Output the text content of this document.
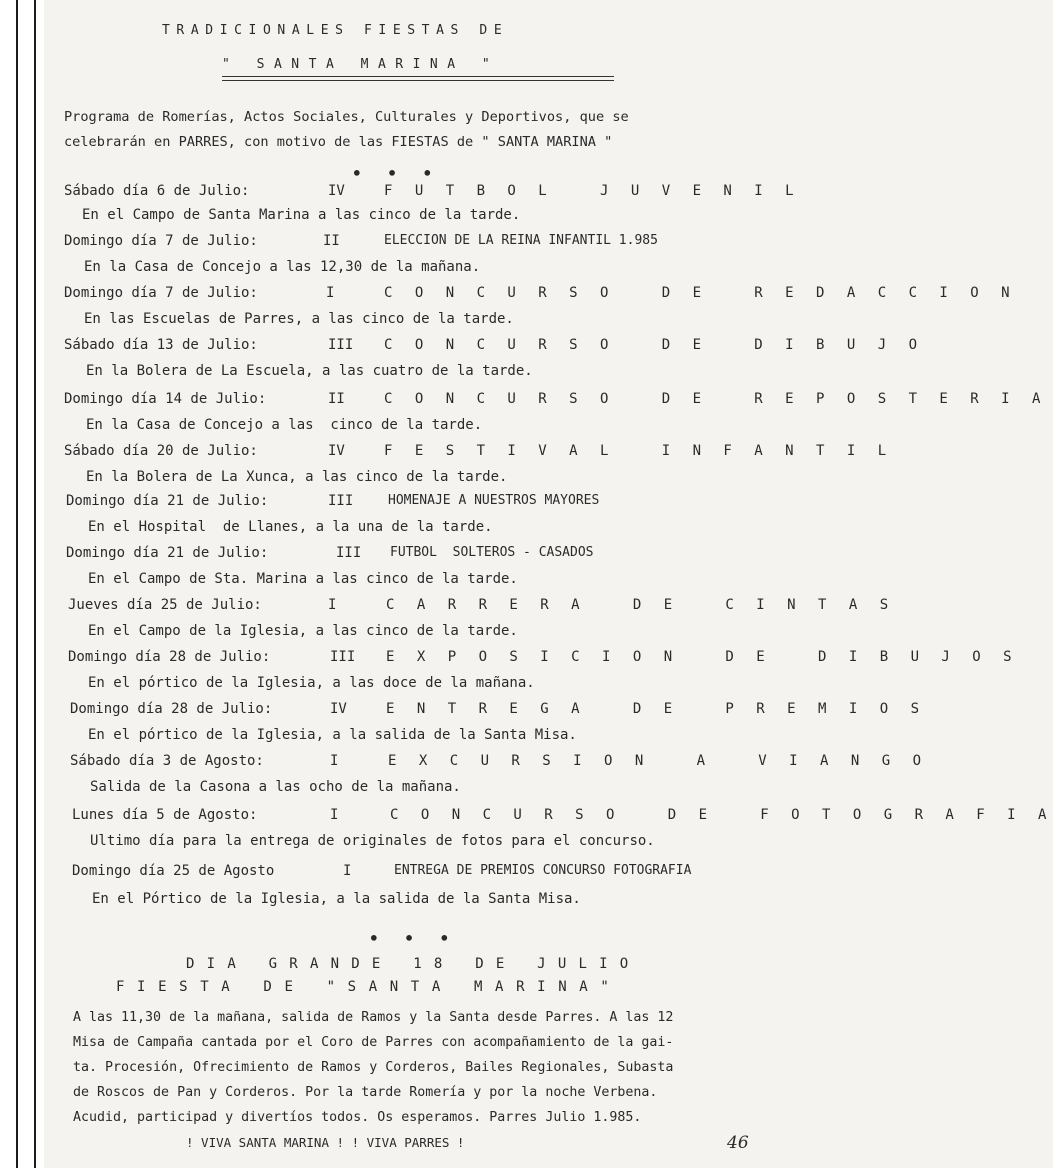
TRADICIONALES FIESTAS DE
" SANTA MARINA "
Programa de Romerías, Actos Sociales, Culturales y Deportivos, que se
celebrarán en PARRES, con motivo de las FIESTAS de " SANTA MARINA "
• • •
Sábado día 6 de Julio:	IV	F U T B O L   J U V E N I L
En el Campo de Santa Marina a las cinco de la tarde.
Domingo día 7 de Julio:	II	ELECCION DE LA REINA INFANTIL 1.985
En la Casa de Concejo a las 12,30 de la mañana.
Domingo día 7 de Julio:	I	C O N C U R S O   D E   R E D A C C I O N
En las Escuelas de Parres, a las cinco de la tarde.
Sábado día 13 de Julio:	III C O N C U R S O   D E   D I B U J O
En la Bolera de La Escuela, a las cuatro de la tarde.
Domingo día 14 de Julio:	II	C O N C U R S O   D E   R E P O S T E R I A
En la Casa de Concejo a las  cinco de la tarde.
Sábado día 20 de Julio:	IV	F E S T I V A L   I N F A N T I L
En la Bolera de La Xunca, a las cinco de la tarde.
Domingo día 21 de Julio:	III	HOMENAJE A NUESTROS MAYORES
En el Hospital  de Llanes, a la una de la tarde.
Domingo día 21 de Julio:	III FUTBOL  SOLTEROS - CASADOS
En el Campo de Sta. Marina a las cinco de la tarde.
Jueves día 25 de Julio:	I	C A R R E R A   D E   C I N T A S
En el Campo de la Iglesia, a las cinco de la tarde.
Domingo día 28 de Julio:	III E X P O S I C I O N   D E   D I B U J O S
En el pórtico de la Iglesia, a las doce de la mañana.
Domingo día 28 de Julio:	IV	E N T R E G A   D E   P R E M I O S
En el pórtico de la Iglesia, a la salida de la Santa Misa.
Sábado día 3 de Agosto:	I	E X C U R S I O N   A   V I A N G O
Salida de la Casona a las ocho de la mañana.
Lunes día 5 de Agosto:	I	C O N C U R S O   D E   F O T O G R A F I A
Ultimo día para la entrega de originales de fotos para el concurso.
Domingo día 25 de Agosto	I	ENTREGA DE PREMIOS CONCURSO FOTOGRAFIA
En el Pórtico de la Iglesia, a la salida de la Santa Misa.
• • •
D I A   G R A N D E   1 8   D E   J U L I O
F I E S T A   D E   " S A N T A   M A R I N A "
A las 11,30 de la mañana, salida de Ramos y la Santa desde Parres. A las 12
Misa de Campaña cantada por el Coro de Parres con acompañamiento de la gai-
ta. Procesión, Ofrecimiento de Ramos y Corderos, Bailes Regionales, Subasta
de Roscos de Pan y Corderos. Por la tarde Romería y por la noche Verbena.
Acudid, participad y divertíos todos. Os esperamos. Parres Julio 1.985.
! VIVA SANTA MARINA ! ! VIVA PARRES !	46
